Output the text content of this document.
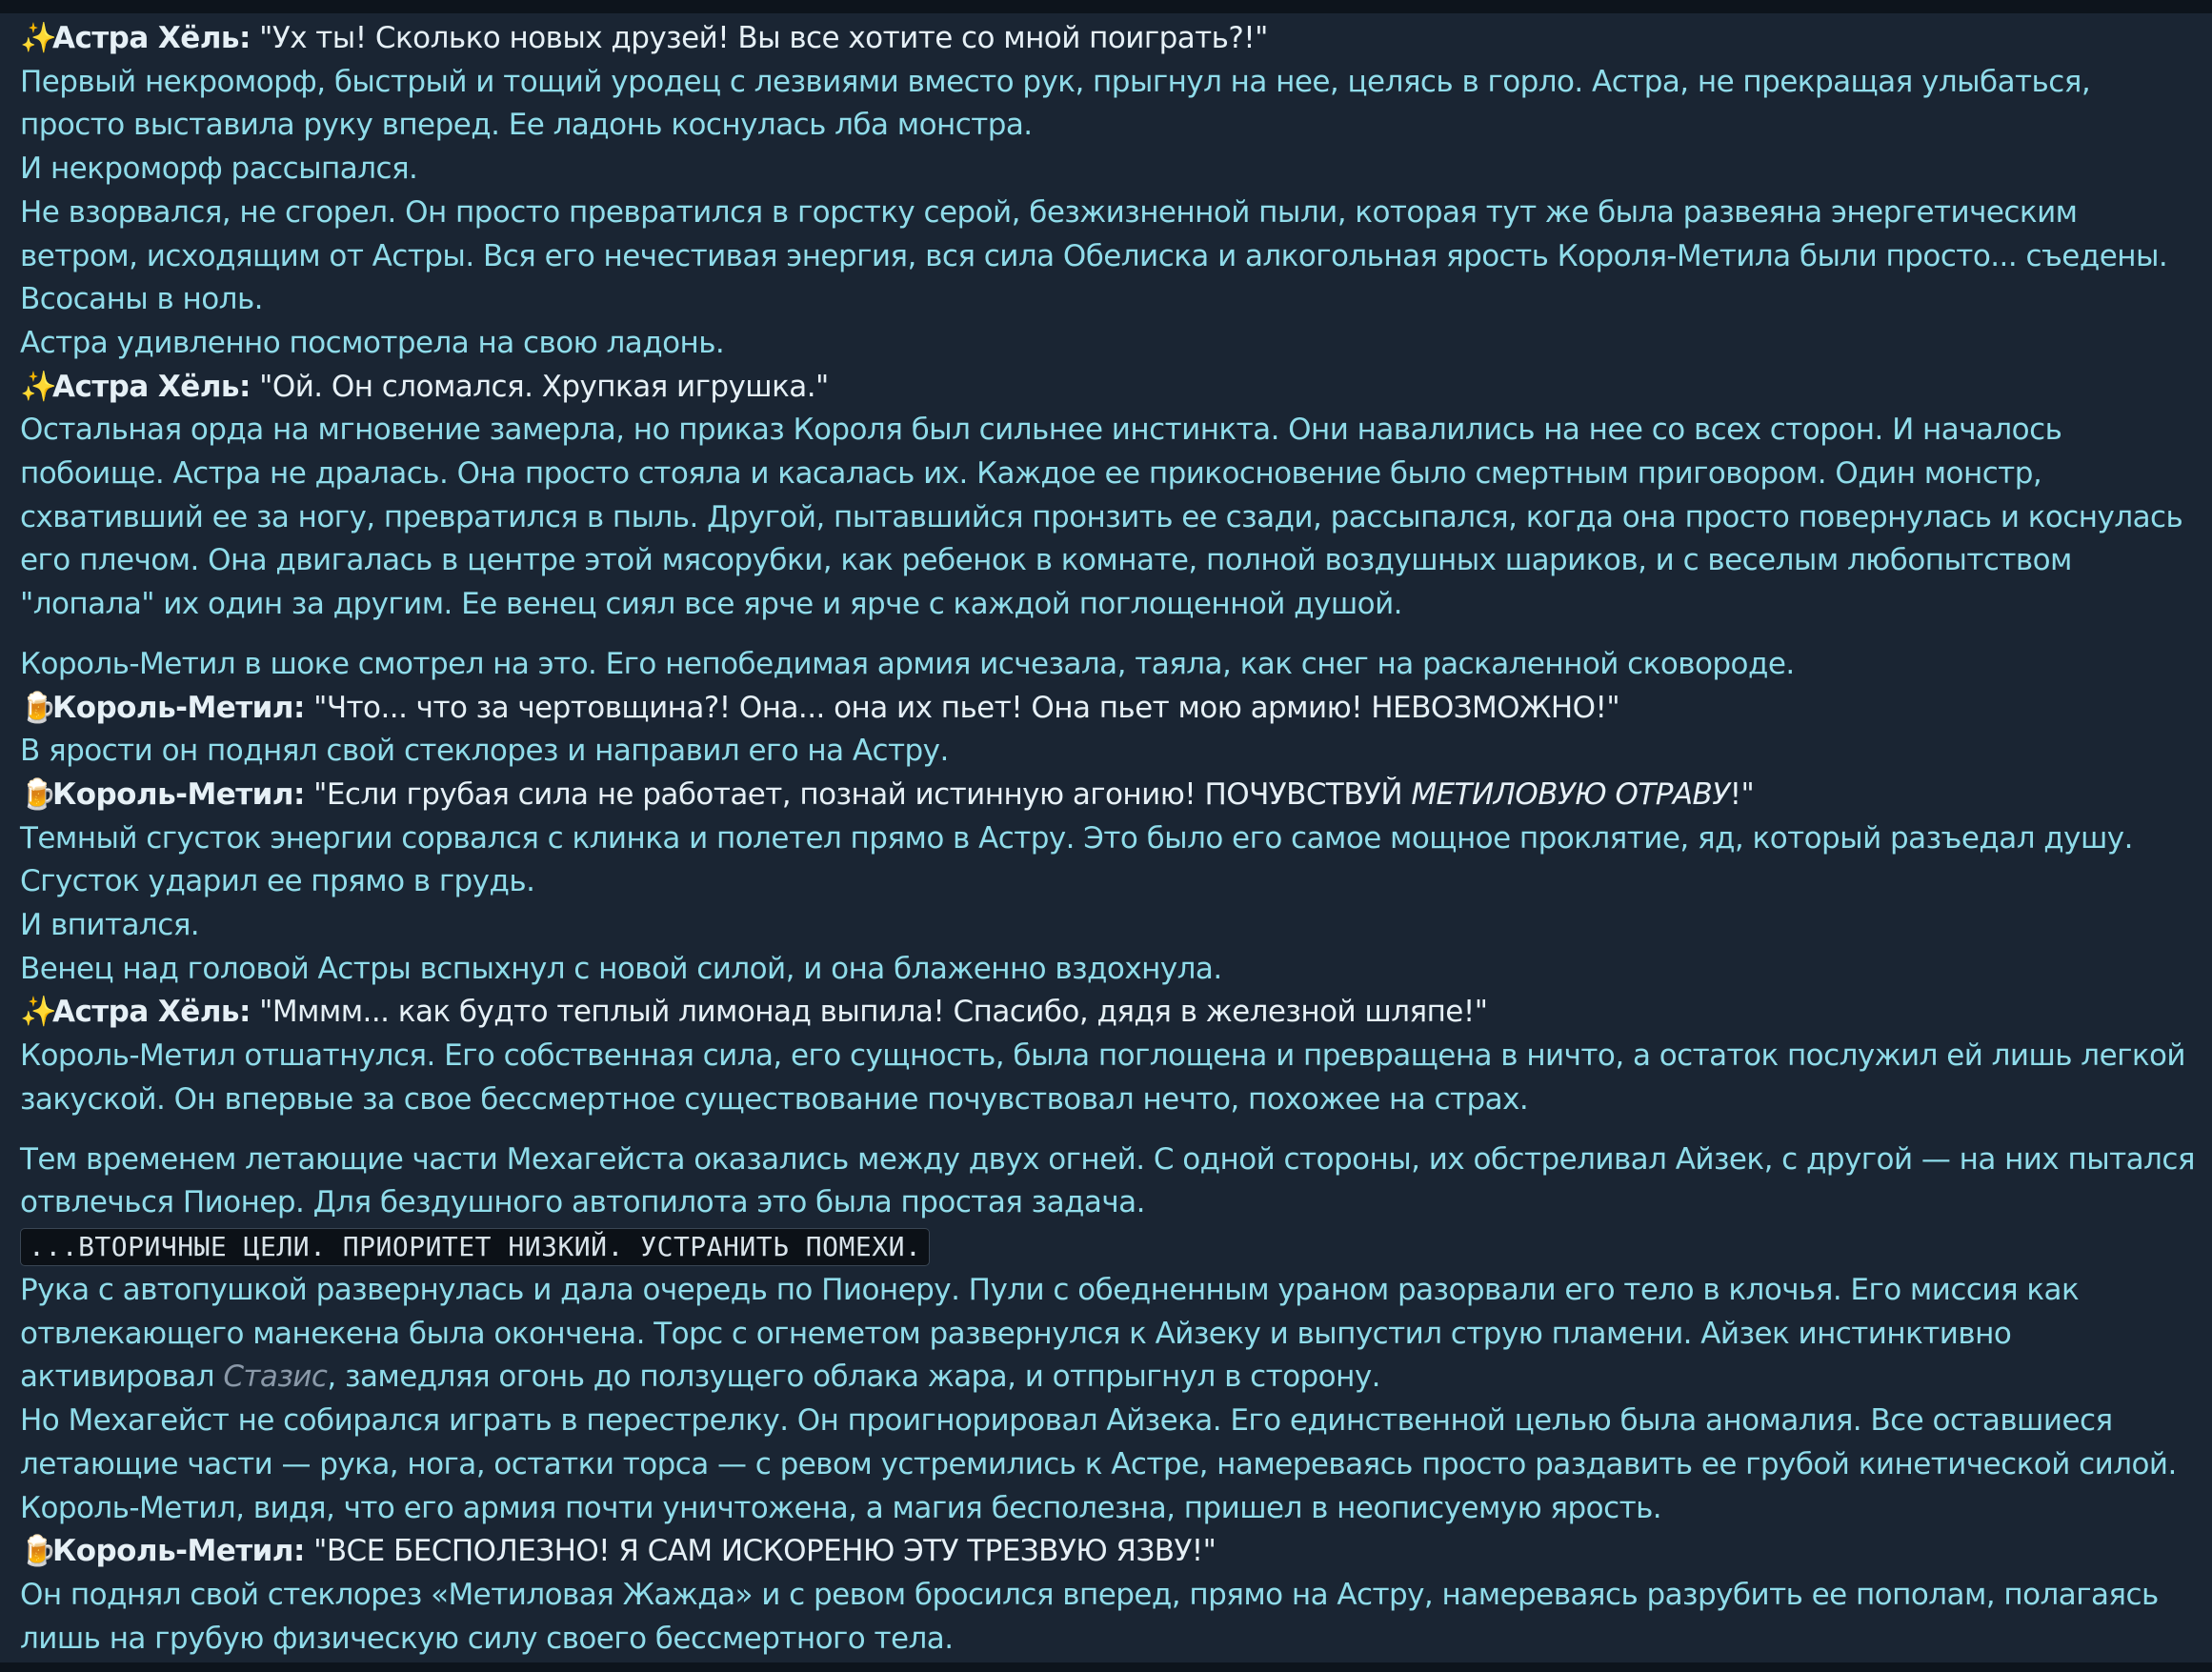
✨Астра Хёль: "Ух ты! Сколько новых друзей! Вы все хотите со мной поиграть?!"

Первый некроморф, быстрый и тощий уродец с лезвиями вместо рук, прыгнул на нее, целясь в горло. Астра, не прекращая улыбаться, просто выставила руку вперед. Ее ладонь коснулась лба монстра.

И некроморф рассыпался.

Не взорвался, не сгорел. Он просто превратился в горстку серой, безжизненной пыли, которая тут же была развеяна энергетическим ветром, исходящим от Астры. Вся его нечестивая энергия, вся сила Обелиска и алкогольная ярость Короля-Метила были просто... съедены. Всосаны в ноль.

Астра удивленно посмотрела на свою ладонь.

✨Астра Хёль: "Ой. Он сломался. Хрупкая игрушка."

Остальная орда на мгновение замерла, но приказ Короля был сильнее инстинкта. Они навалились на нее со всех сторон. И началось побоище. Астра не дралась. Она просто стояла и касалась их. Каждое ее прикосновение было смертным приговором. Один монстр, схвативший ее за ногу, превратился в пыль. Другой, пытавшийся пронзить ее сзади, рассыпался, когда она просто повернулась и коснулась его плечом. Она двигалась в центре этой мясорубки, как ребенок в комнате, полной воздушных шариков, и с веселым любопытством "лопала" их один за другим. Ее венец сиял все ярче и ярче с каждой поглощенной душой.

Король-Метил в шоке смотрел на это. Его непобедимая армия исчезала, таяла, как снег на раскаленной сковороде.

🍺Король-Метил: "Что... что за чертовщина?! Она... она их пьет! Она пьет мою армию! НЕВОЗМОЖНО!"

В ярости он поднял свой стеклорез и направил его на Астру.

🍺Король-Метил: "Если грубая сила не работает, познай истинную агонию! ПОЧУВСТВУЙ МЕТИЛОВУЮ ОТРАВУ!"

Темный сгусток энергии сорвался с клинка и полетел прямо в Астру. Это было его самое мощное проклятие, яд, который разъедал душу.

Сгусток ударил ее прямо в грудь.

И впитался.

Венец над головой Астры вспыхнул с новой силой, и она блаженно вздохнула.

✨Астра Хёль: "Мммм... как будто теплый лимонад выпила! Спасибо, дядя в железной шляпе!"

Король-Метил отшатнулся. Его собственная сила, его сущность, была поглощена и превращена в ничто, а остаток послужил ей лишь легкой закуской. Он впервые за свое бессмертное существование почувствовал нечто, похожее на страх.

Тем временем летающие части Мехагейста оказались между двух огней. С одной стороны, их обстреливал Айзек, с другой — на них пытался отвлечься Пионер. Для бездушного автопилота это была простая задача.

...ВТОРИЧНЫЕ ЦЕЛИ. ПРИОРИТЕТ НИЗКИЙ. УСТРАНИТЬ ПОМЕХИ.

Рука с автопушкой развернулась и дала очередь по Пионеру. Пули с обедненным ураном разорвали его тело в клочья. Его миссия как отвлекающего манекена была окончена. Торс с огнеметом развернулся к Айзеку и выпустил струю пламени. Айзек инстинктивно активировал Стазис, замедляя огонь до ползущего облака жара, и отпрыгнул в сторону.

Но Мехагейст не собирался играть в перестрелку. Он проигнорировал Айзека. Его единственной целью была аномалия. Все оставшиеся летающие части — рука, нога, остатки торса — с ревом устремились к Астре, намереваясь просто раздавить ее грубой кинетической силой.

Король-Метил, видя, что его армия почти уничтожена, а магия бесполезна, пришел в неописуемую ярость.

🍺Король-Метил: "ВСЕ БЕСПОЛЕЗНО! Я САМ ИСКОРЕНЮ ЭТУ ТРЕЗВУЮ ЯЗВУ!"

Он поднял свой стеклорез «Метиловая Жажда» и с ревом бросился вперед, прямо на Астру, намереваясь разрубить ее пополам, полагаясь лишь на грубую физическую силу своего бессмертного тела.
